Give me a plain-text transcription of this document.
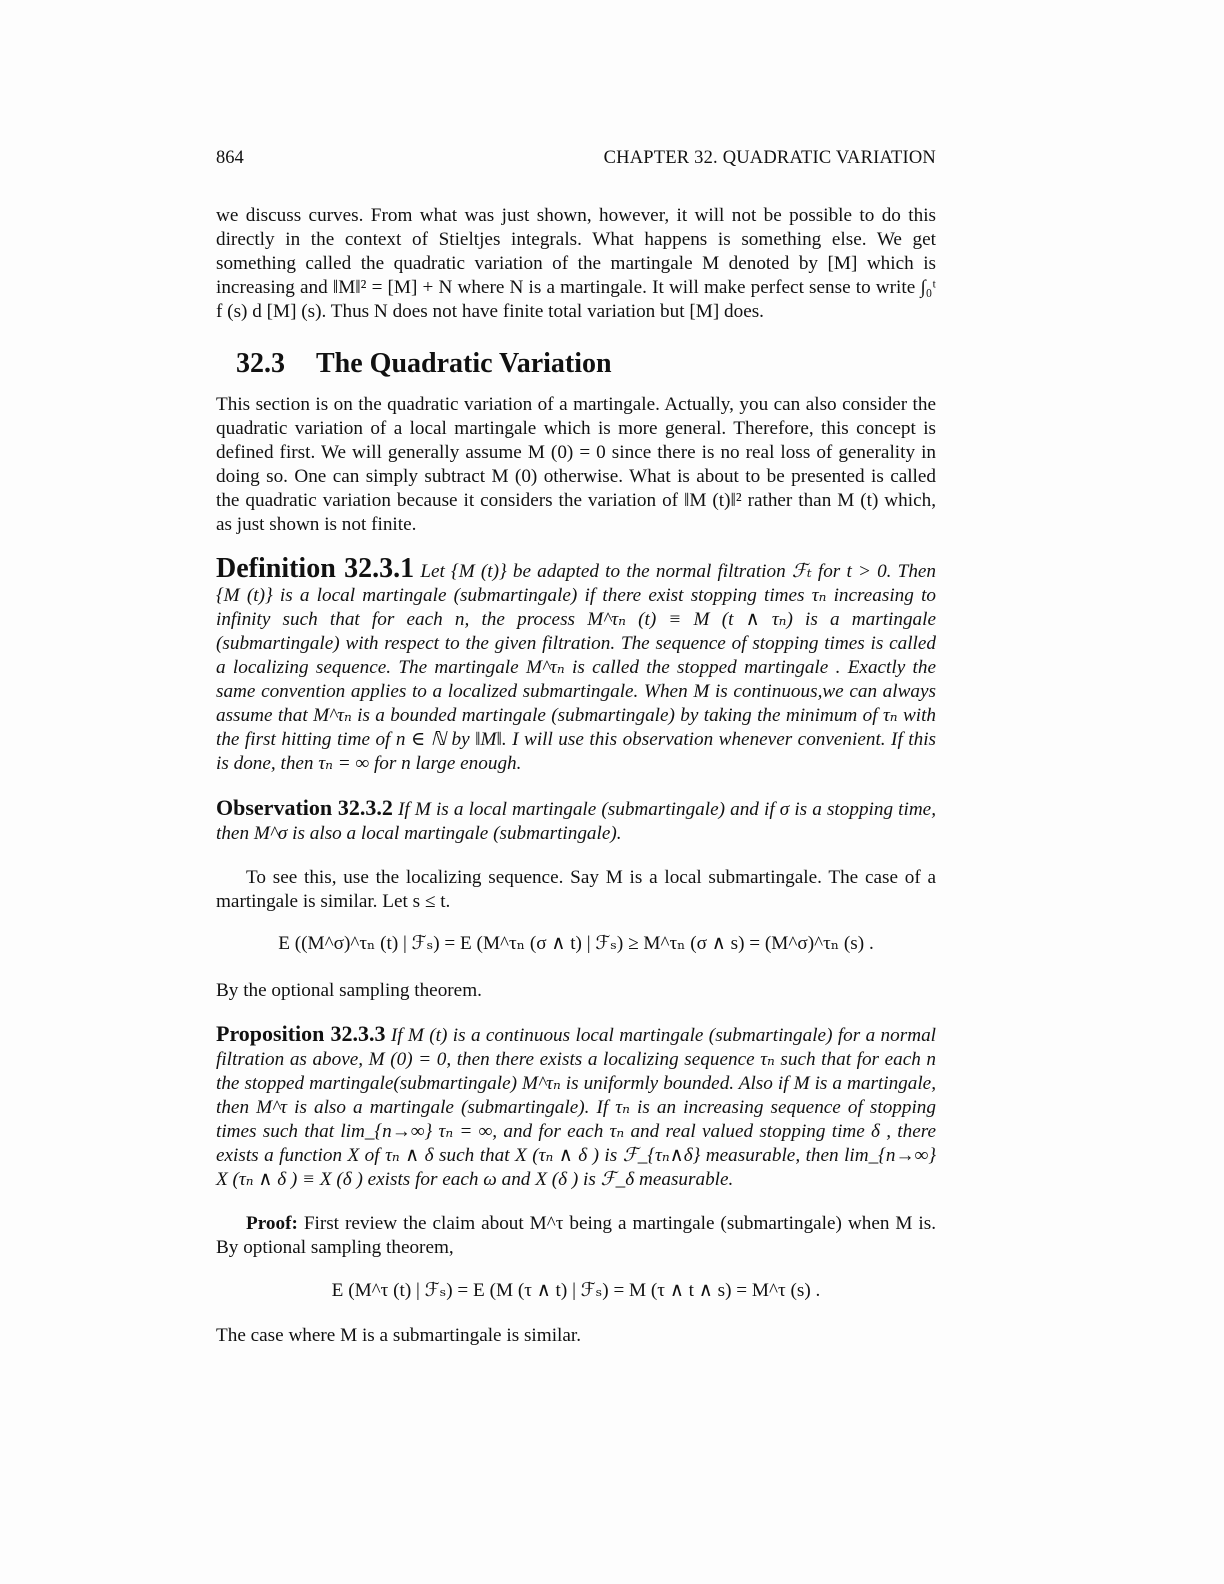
864	CHAPTER 32. QUADRATIC VARIATION

we discuss curves. From what was just shown, however, it will not be possible to do this directly in the context of Stieltjes integrals. What happens is something else. We get something called the quadratic variation of the martingale M denoted by [M] which is increasing and ‖M‖² = [M] + N where N is a martingale. It will make perfect sense to write ∫₀ᵗ f (s) d [M] (s). Thus N does not have finite total variation but [M] does.

32.3 The Quadratic Variation

This section is on the quadratic variation of a martingale. Actually, you can also consider the quadratic variation of a local martingale which is more general. Therefore, this concept is defined first. We will generally assume M (0) = 0 since there is no real loss of generality in doing so. One can simply subtract M (0) otherwise. What is about to be presented is called the quadratic variation because it considers the variation of ‖M (t)‖² rather than M (t) which, as just shown is not finite.

Definition 32.3.1 Let {M (t)} be adapted to the normal filtration ℱₜ for t > 0. Then {M (t)} is a local martingale (submartingale) if there exist stopping times τₙ increasing to infinity such that for each n, the process M^τₙ (t) ≡ M (t ∧ τₙ) is a martingale (submartingale) with respect to the given filtration. The sequence of stopping times is called a localizing sequence. The martingale M^τₙ is called the stopped martingale . Exactly the same convention applies to a localized submartingale. When M is continuous,we can always assume that M^τₙ is a bounded martingale (submartingale) by taking the minimum of τₙ with the first hitting time of n ∈ ℕ by ‖M‖. I will use this observation whenever convenient. If this is done, then τₙ = ∞ for n large enough.

Observation 32.3.2 If M is a local martingale (submartingale) and if σ is a stopping time, then M^σ is also a local martingale (submartingale).

To see this, use the localizing sequence. Say M is a local submartingale. The case of a martingale is similar. Let s ≤ t.

E ((M^σ)^τₙ (t) | ℱₛ) = E (M^τₙ (σ ∧ t) | ℱₛ) ≥ M^τₙ (σ ∧ s) = (M^σ)^τₙ (s) .

By the optional sampling theorem.

Proposition 32.3.3 If M (t) is a continuous local martingale (submartingale) for a normal filtration as above, M (0) = 0, then there exists a localizing sequence τₙ such that for each n the stopped martingale(submartingale) M^τₙ is uniformly bounded. Also if M is a martingale, then M^τ is also a martingale (submartingale). If τₙ is an increasing sequence of stopping times such that lim_{n→∞} τₙ = ∞, and for each τₙ and real valued stopping time δ , there exists a function X of τₙ ∧ δ such that X (τₙ ∧ δ ) is ℱ_{τₙ∧δ} measurable, then lim_{n→∞} X (τₙ ∧ δ ) ≡ X (δ ) exists for each ω and X (δ ) is ℱ_δ measurable.

Proof: First review the claim about M^τ being a martingale (submartingale) when M is. By optional sampling theorem,

E (M^τ (t) | ℱₛ) = E (M (τ ∧ t) | ℱₛ) = M (τ ∧ t ∧ s) = M^τ (s) .

The case where M is a submartingale is similar.
